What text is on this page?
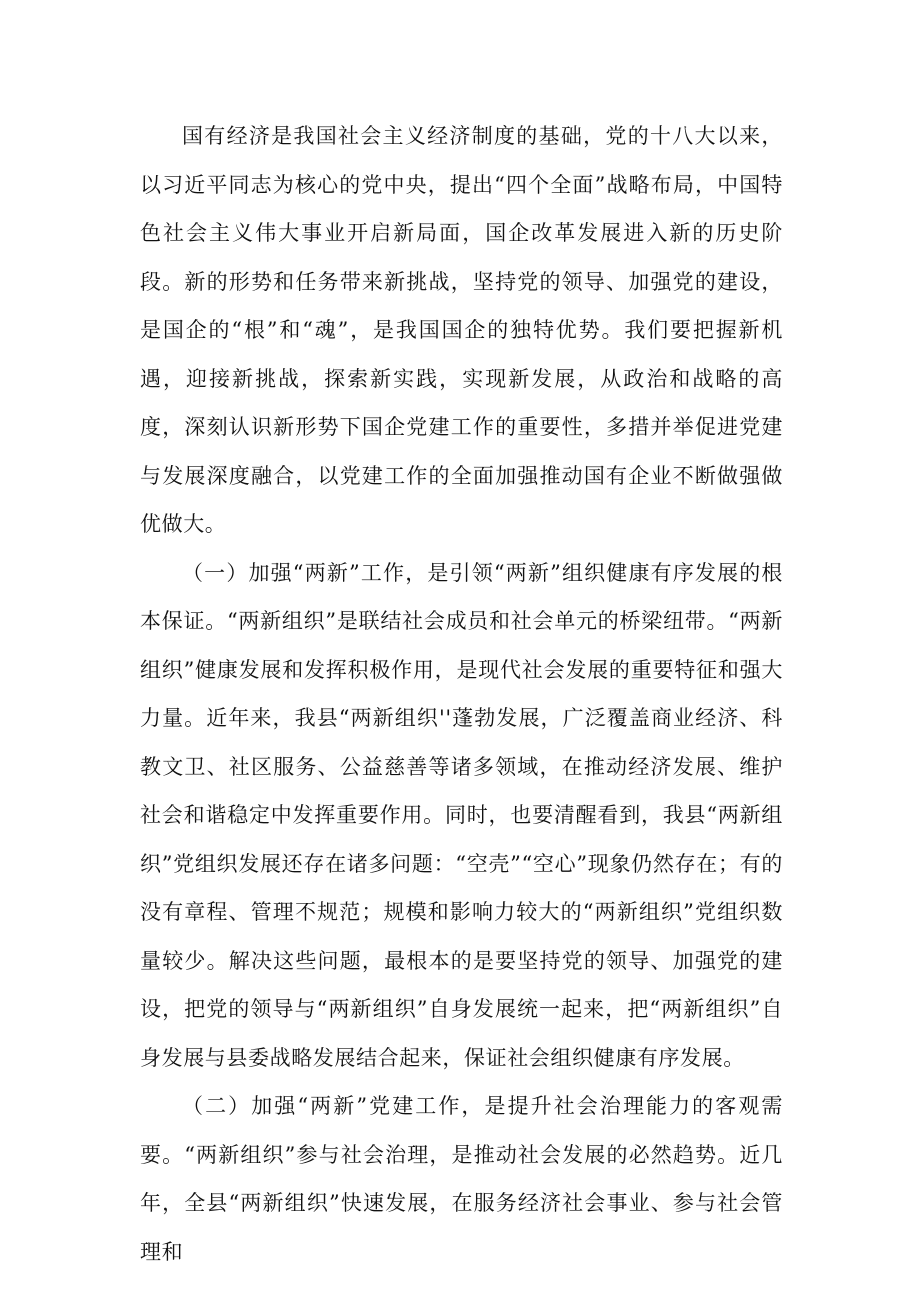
国有经济是我国社会主义经济制度的基础，党的十八大以来，以习近平同志为核心的党中央，提出“四个全面”战略布局，中国特色社会主义伟大事业开启新局面，国企改革发展进入新的历史阶段。新的形势和任务带来新挑战，坚持党的领导、加强党的建设，是国企的“根”和“魂”，是我国国企的独特优势。我们要把握新机遇，迎接新挑战，探索新实践，实现新发展，从政治和战略的高度，深刻认识新形势下国企党建工作的重要性，多措并举促进党建与发展深度融合，以党建工作的全面加强推动国有企业不断做强做优做大。

（一）加强“两新”工作，是引领“两新”组织健康有序发展的根本保证。“两新组织”是联结社会成员和社会单元的桥梁纽带。“两新组织”健康发展和发挥积极作用，是现代社会发展的重要特征和强大力量。近年来，我县“两新组织''蓬勃发展，广泛覆盖商业经济、科教文卫、社区服务、公益慈善等诸多领域，在推动经济发展、维护社会和谐稳定中发挥重要作用。同时，也要清醒看到，我县“两新组织”党组织发展还存在诸多问题：“空壳”“空心”现象仍然存在；有的没有章程、管理不规范；规模和影响力较大的“两新组织”党组织数量较少。解决这些问题，最根本的是要坚持党的领导、加强党的建设，把党的领导与“两新组织”自身发展统一起来，把“两新组织”自身发展与县委战略发展结合起来，保证社会组织健康有序发展。

（二）加强“两新”党建工作，是提升社会治理能力的客观需要。“两新组织”参与社会治理，是推动社会发展的必然趋势。近几年，全县“两新组织”快速发展，在服务经济社会事业、参与社会管理和
